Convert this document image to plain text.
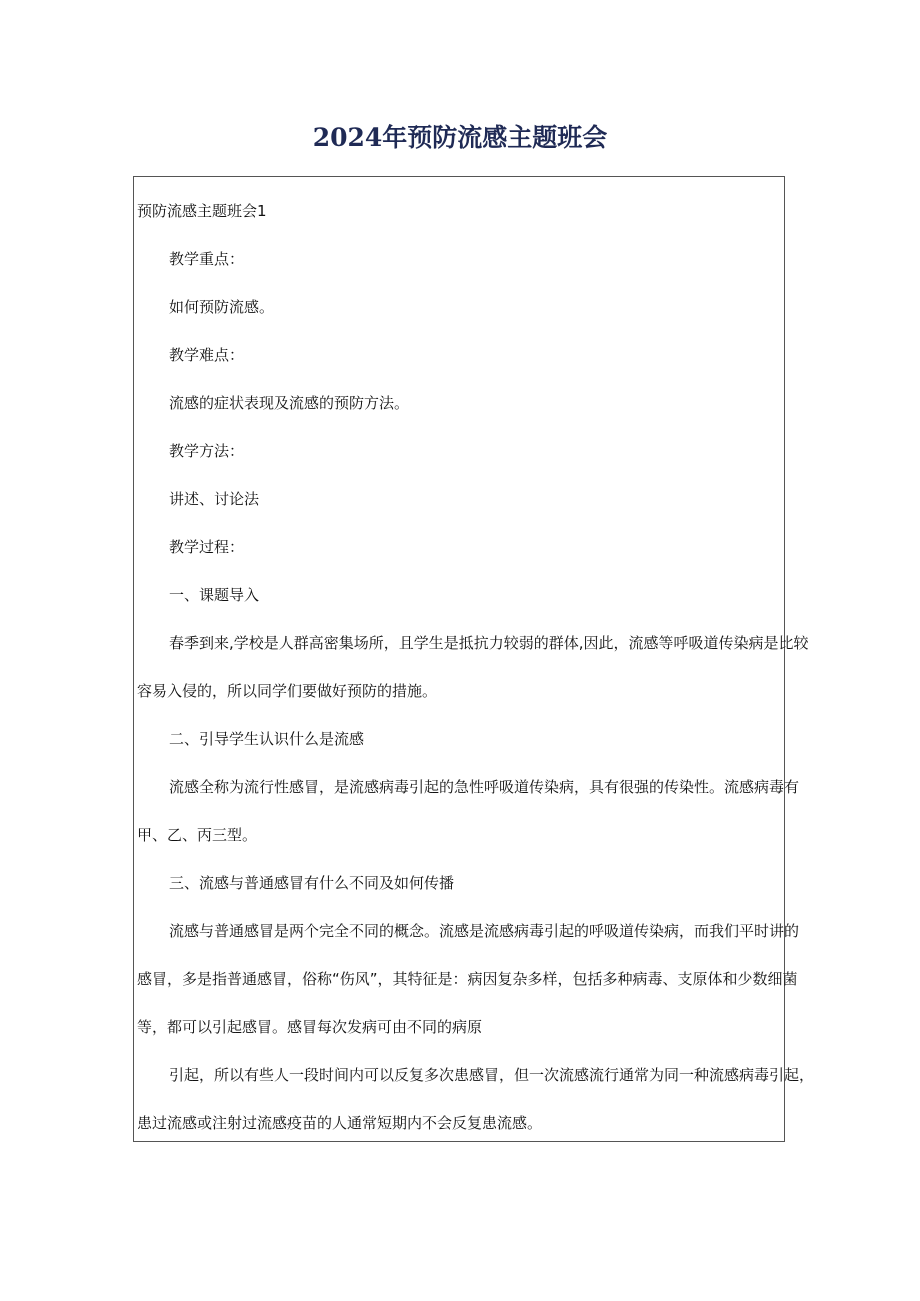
2024年预防流感主题班会
预防流感主题班会1
教学重点：
如何预防流感。
教学难点：
流感的症状表现及流感的预防方法。
教学方法：
讲述、讨论法
教学过程：
一、课题导入
春季到来,学校是人群高密集场所，且学生是抵抗力较弱的群体,因此，流感等呼吸道传染病是比较
容易入侵的，所以同学们要做好预防的措施。
二、引导学生认识什么是流感
流感全称为流行性感冒，是流感病毒引起的急性呼吸道传染病，具有很强的传染性。流感病毒有
甲、乙、丙三型。
三、流感与普通感冒有什么不同及如何传播
流感与普通感冒是两个完全不同的概念。流感是流感病毒引起的呼吸道传染病，而我们平时讲的
感冒，多是指普通感冒，俗称“伤风”，其特征是：病因复杂多样，包括多种病毒、支原体和少数细菌
等，都可以引起感冒。感冒每次发病可由不同的病原
引起，所以有些人一段时间内可以反复多次患感冒，但一次流感流行通常为同一种流感病毒引起，
患过流感或注射过流感疫苗的人通常短期内不会反复患流感。
